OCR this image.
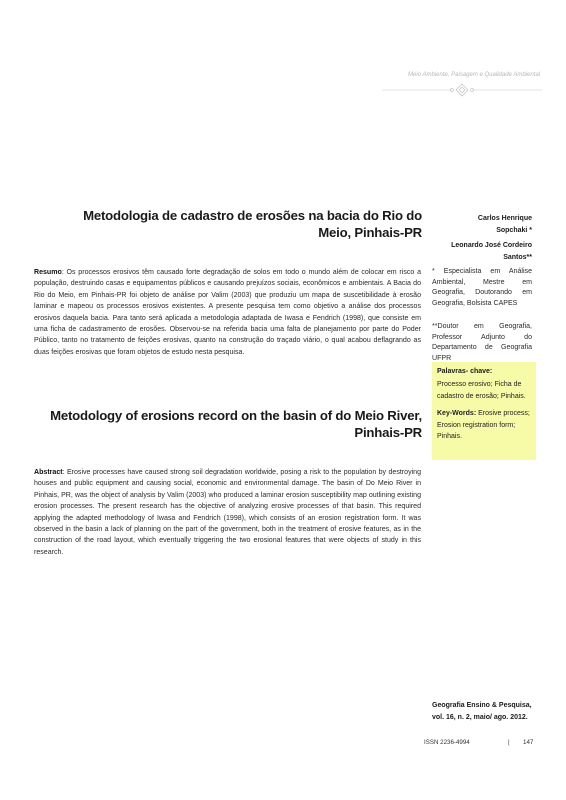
Meio Ambiente, Paisagem e Qualidade Ambiental
Metodologia de cadastro de erosões na bacia do Rio do Meio, Pinhais-PR
Carlos Henrique
Sopchaki *
Leonardo José Cordeiro
Santos**
Resumo: Os processos erosivos têm causado forte degradação de solos em todo o mundo além de colocar em risco a população, destruindo casas e equipamentos públicos e causando prejuízos sociais, econômicos e ambientais. A Bacia do Rio do Meio, em Pinhais-PR foi objeto de análise por Valim (2003) que produziu um mapa de suscetibilidade à erosão laminar e mapeou os processos erosivos existentes. A presente pesquisa tem como objetivo a análise dos processos erosivos daquela bacia. Para tanto será aplicada a metodologia adaptada de Iwasa e Fendrich (1998), que consiste em uma ficha de cadastramento de erosões. Observou-se na referida bacia uma falta de planejamento por parte do Poder Público, tanto no tratamento de feições erosivas, quanto na construção do traçado viário, o qual acabou deflagrando as duas feições erosivas que foram objetos de estudo nesta pesquisa.
* Especialista em Análise Ambiental, Mestre em Geografia, Doutorando em Geografia, Bolsista CAPES
**Doutor em Geografia, Professor Adjunto do Departamento de Geografia UFPR
Palavras- chave:
Processo erosivo; Ficha de cadastro de erosão; Pinhais.
Key-Words: Erosive process; Erosion registration form; Pinhais.
Metodology of erosions record on the basin of do Meio River, Pinhais-PR
Abstract: Erosive processes have caused strong soil degradation worldwide, posing a risk to the population by destroying houses and public equipment and causing social, economic and environmental damage. The basin of Do Meio River in Pinhais, PR, was the object of analysis by Valim (2003) who produced a laminar erosion susceptibility map outlining existing erosion processes. The present research has the objective of analyzing erosive processes of that basin. This required applying the adapted methodology of Iwasa and Fendrich (1998), which consists of an erosion registration form. It was observed in the basin a lack of planning on the part of the government, both in the treatment of erosive features, as in the construction of the road layout, which eventually triggering the two erosional features that were objects of study in this research.
Geografia Ensino & Pesquisa,
vol. 16, n. 2, maio/ ago. 2012.
ISSN 2236-4994	| 147
